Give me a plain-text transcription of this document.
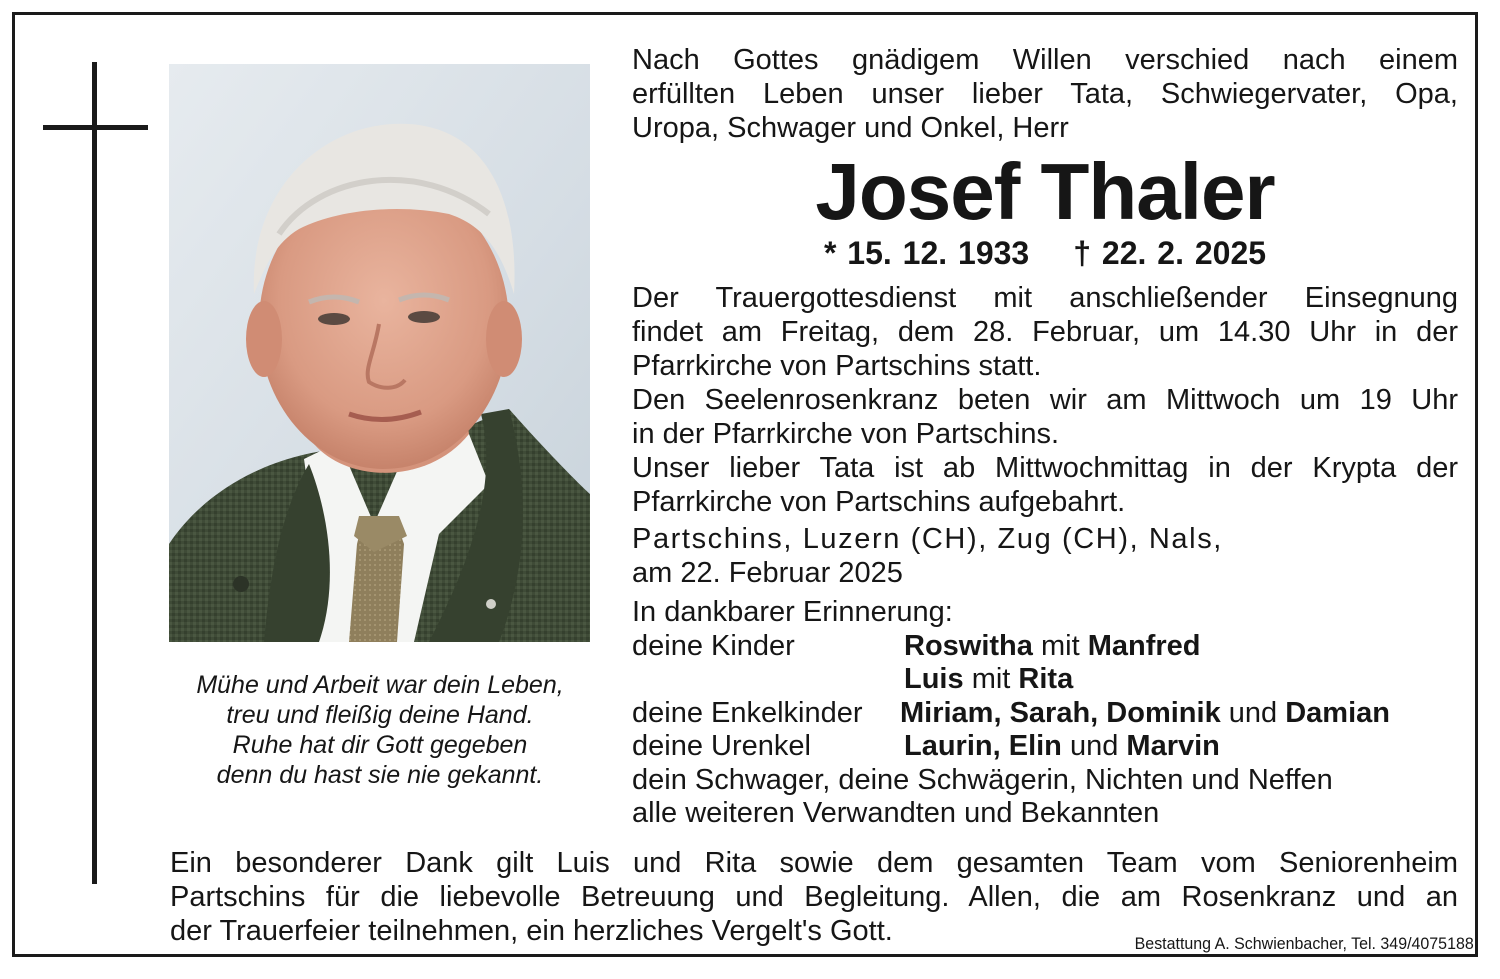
Mühe und Arbeit war dein Leben,
treu und fleißig deine Hand.
Ruhe hat dir Gott gegeben
denn du hast sie nie gekannt.
Nach Gottes gnädigem Willen verschied nach einem
erfüllten Leben unser lieber Tata, Schwiegervater, Opa,
Uropa, Schwager und Onkel, Herr
Josef Thaler
* 15. 12. 1933 † 22. 2. 2025
Der Trauergottesdienst mit anschließender Einsegnung
findet am Freitag, dem 28. Februar, um 14.30 Uhr in der
Pfarrkirche von Partschins statt.
Den Seelenrosenkranz beten wir am Mittwoch um 19 Uhr
in der Pfarrkirche von Partschins.
Unser lieber Tata ist ab Mittwochmittag in der Krypta der
Pfarrkirche von Partschins aufgebahrt.
Partschins, Luzern (CH), Zug (CH), Nals,
am 22. Februar 2025
In dankbarer Erinnerung:
deine Kinder	Roswitha mit Manfred
Luis mit Rita
deine Enkelkinder Miriam, Sarah, Dominik und Damian
deine Urenkel	Laurin, Elin und Marvin
dein Schwager, deine Schwägerin, Nichten und Neffen
alle weiteren Verwandten und Bekannten
Ein besonderer Dank gilt Luis und Rita sowie dem gesamten Team vom Seniorenheim
Partschins für die liebevolle Betreuung und Begleitung. Allen, die am Rosenkranz und an
der Trauerfeier teilnehmen, ein herzliches Vergelt's Gott.	Bestattung A. Schwienbacher, Tel. 349/4075188
